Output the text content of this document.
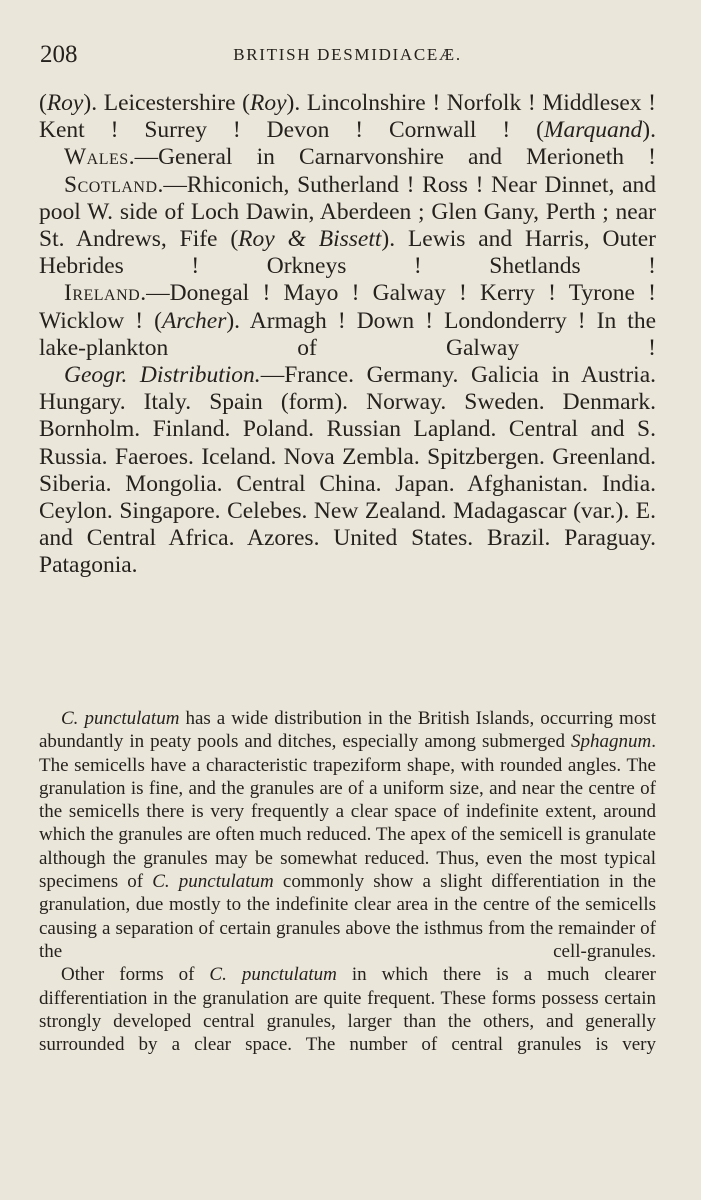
208	BRITISH DESMIDIACEÆ.

(Roy). Leicestershire (Roy). Lincolnshire ! Norfolk ! Middlesex ! Kent ! Surrey ! Devon ! Cornwall ! (Marquand).

Wales.—General in Carnarvonshire and Merioneth !

Scotland.—Rhiconich, Sutherland ! Ross ! Near Dinnet, and pool W. side of Loch Dawin, Aberdeen ; Glen Gany, Perth ; near St. Andrews, Fife (Roy & Bissett). Lewis and Harris, Outer Hebrides ! Orkneys ! Shetlands !

Ireland.—Donegal ! Mayo ! Galway ! Kerry ! Tyrone ! Wicklow ! (Archer). Armagh ! Down ! Londonderry ! In the lake-plankton of Galway !

Geogr. Distribution.—France. Germany. Galicia in Austria. Hungary. Italy. Spain (form). Norway. Sweden. Denmark. Bornholm. Finland. Poland. Russian Lapland. Central and S. Russia. Faeroes. Iceland. Nova Zembla. Spitzbergen. Greenland. Siberia. Mongolia. Central China. Japan. Afghanistan. India. Ceylon. Singapore. Celebes. New Zealand. Madagascar (var.). E. and Central Africa. Azores. United States. Brazil. Paraguay. Patagonia.

C. punctulatum has a wide distribution in the British Islands, occurring most abundantly in peaty pools and ditches, especially among submerged Sphagnum. The semicells have a characteristic trapeziform shape, with rounded angles. The granulation is fine, and the granules are of a uniform size, and near the centre of the semicells there is very frequently a clear space of indefinite extent, around which the granules are often much reduced. The apex of the semicell is granulate although the granules may be somewhat reduced. Thus, even the most typical specimens of C. punctulatum commonly show a slight differentiation in the granulation, due mostly to the indefinite clear area in the centre of the semicells causing a separation of certain granules above the isthmus from the remainder of the cell-granules.

Other forms of C. punctulatum in which there is a much clearer differentiation in the granulation are quite frequent. These forms possess certain strongly developed central granules, larger than the others, and generally surrounded by a clear space. The number of central granules is very
